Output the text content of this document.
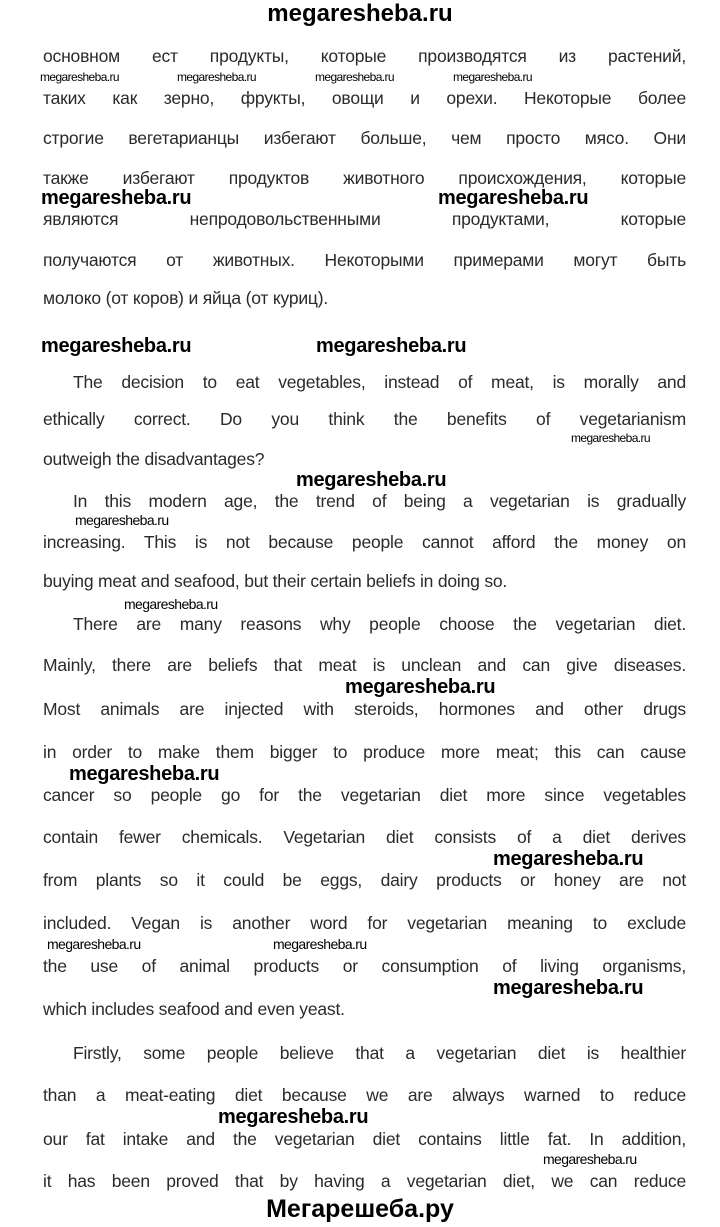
megaresheba.ru
основном ест продукты, которые производятся из растений,
таких как зерно, фрукты, овощи и орехи. Некоторые более
строгие вегетарианцы избегают больше, чем просто мясо. Они
также избегают продуктов животного происхождения, которые
являются непродовольственными продуктами, которые
получаются от животных. Некоторыми примерами могут быть
молоко (от коров) и яйца (от куриц).
The decision to eat vegetables, instead of meat, is morally and
ethically correct. Do you think the benefits of vegetarianism
outweigh the disadvantages?
In this modern age, the trend of being a vegetarian is gradually
increasing. This is not because people cannot afford the money on
buying meat and seafood, but their certain beliefs in doing so.
There are many reasons why people choose the vegetarian diet.
Mainly, there are beliefs that meat is unclean and can give diseases.
Most animals are injected with steroids, hormones and other drugs
in order to make them bigger to produce more meat; this can cause
cancer so people go for the vegetarian diet more since vegetables
contain fewer chemicals. Vegetarian diet consists of a diet derives
from plants so it could be eggs, dairy products or honey are not
included. Vegan is another word for vegetarian meaning to exclude
the use of animal products or consumption of living organisms,
which includes seafood and even yeast.
Firstly, some people believe that a vegetarian diet is healthier
than a meat-eating diet because we are always warned to reduce
our fat intake and the vegetarian diet contains little fat. In addition,
it has been proved that by having a vegetarian diet, we can reduce
megaresheba.ru	megaresheba.ru	megaresheba.ru	megaresheba.ru
megaresheba.ru	megaresheba.ru
megaresheba.ru	megaresheba.ru
megaresheba.ru
megaresheba.ru
megaresheba.ru
megaresheba.ru
megaresheba.ru
megaresheba.ru
megaresheba.ru
megaresheba.ru	megaresheba.ru
megaresheba.ru
megaresheba.ru
megaresheba.ru
Мегарешеба.ру
